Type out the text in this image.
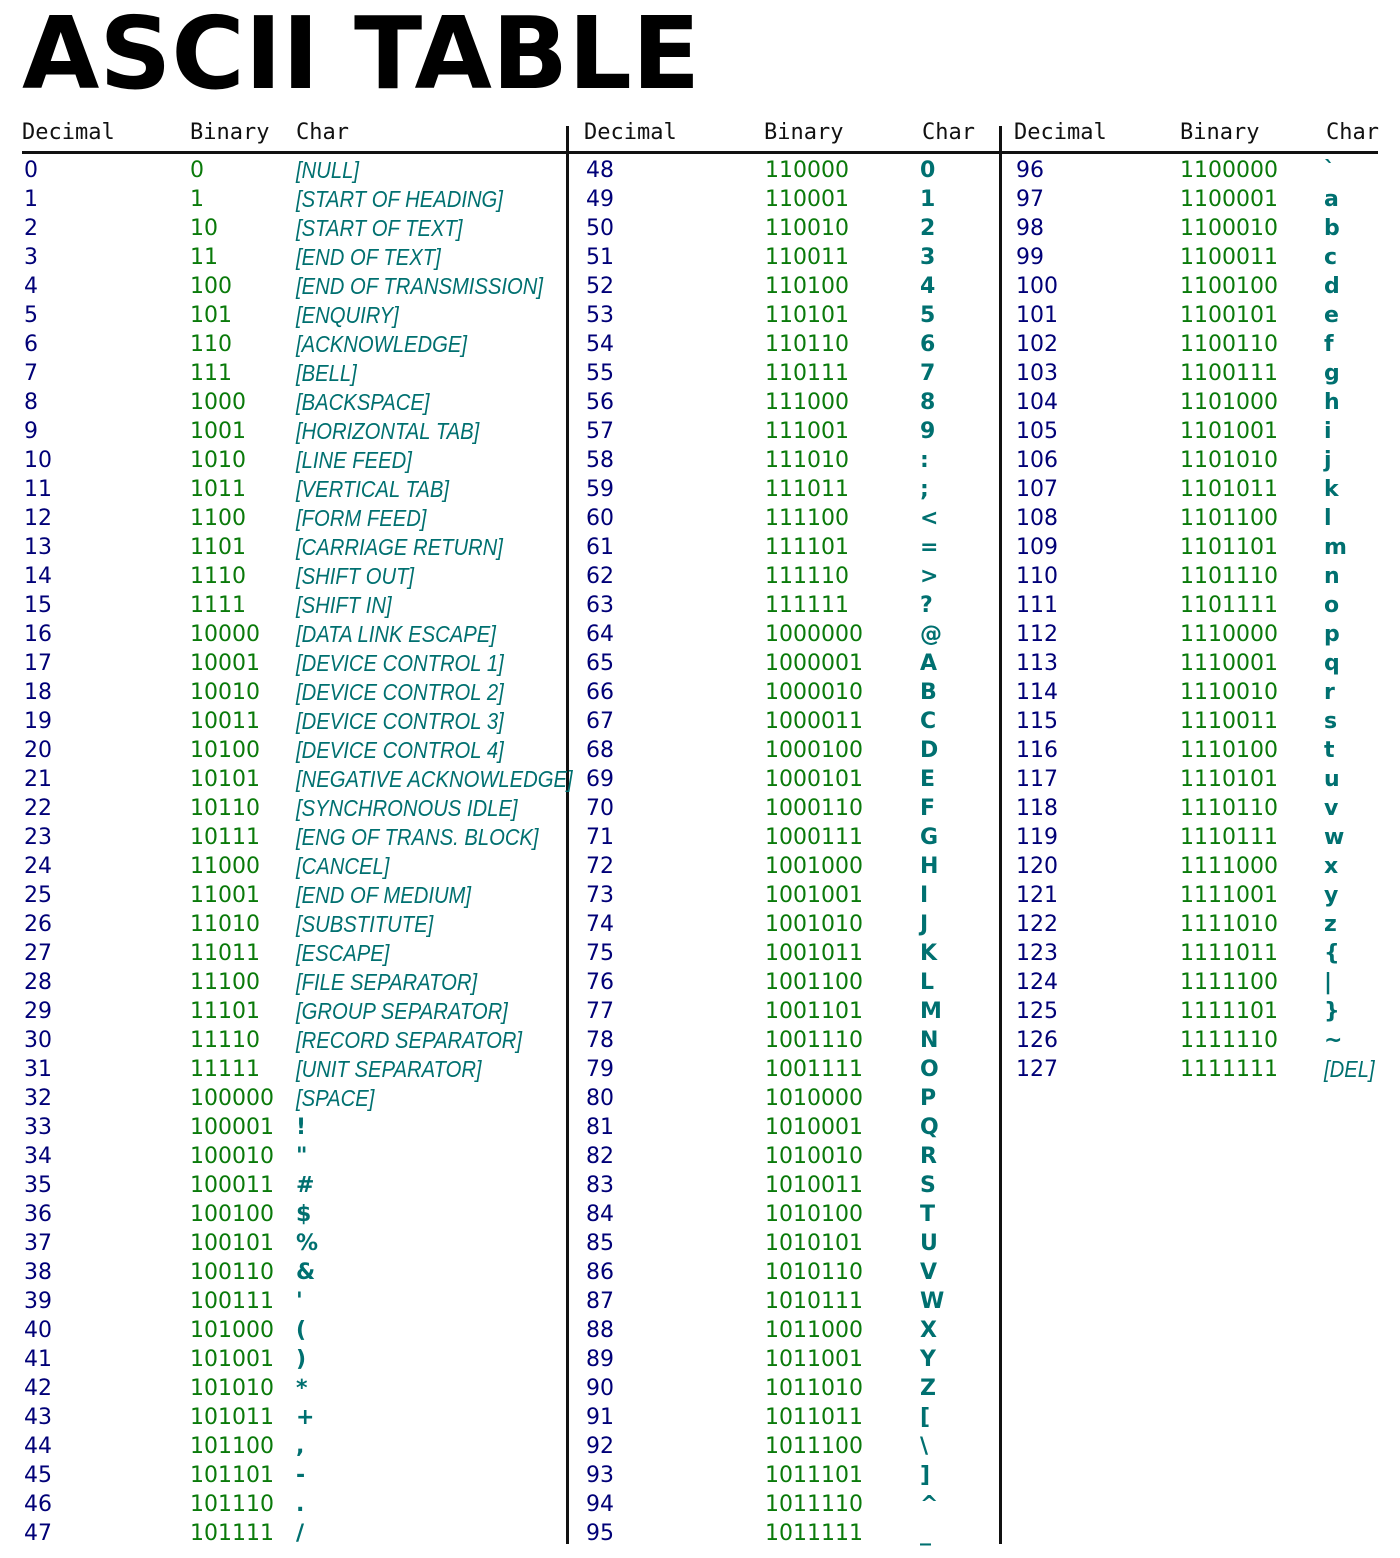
ASCII TABLE
Decimal	Binary Char
0	0	[NULL]
1	1	[START OF HEADING]
2	10	[START OF TEXT]
3	11	[END OF TEXT]
4	100	[END OF TRANSMISSION]
5	101	[ENQUIRY]
6	110	[ACKNOWLEDGE]
7	111	[BELL]
8	1000 [BACKSPACE]
9	1001 [HORIZONTAL TAB]
10	1010 [LINE FEED]
11	1011 [VERTICAL TAB]
12	1100 [FORM FEED]
13	1101 [CARRIAGE RETURN]
14	1110 [SHIFT OUT]
15	1111 [SHIFT IN]
16	10000 [DATA LINK ESCAPE]
17	10001 [DEVICE CONTROL 1]
18	10010 [DEVICE CONTROL 2]
19	10011 [DEVICE CONTROL 3]
20	10100 [DEVICE CONTROL 4]
21	10101 [NEGATIVE ACKNOWLEDGE]
22	10110 [SYNCHRONOUS IDLE]
23	10111 [ENG OF TRANS. BLOCK]
24	11000 [CANCEL]
25	11001 [END OF MEDIUM]
26	11010 [SUBSTITUTE]
27	11011 [ESCAPE]
28	11100 [FILE SEPARATOR]
29	11101 [GROUP SEPARATOR]
30	11110 [RECORD SEPARATOR]
31	11111 [UNIT SEPARATOR]
32	100000 [SPACE]
33	100001 !
34	100010 "
35	100011 #
36	100100 $
37	100101 %
38	100110 &
39	100111 '
40	101000 (
41	101001 )
42	101010 *
43	101011 +
44	101100 ,
45	101101 -
46	101110 .
47	101111 /
Decimal	Binary	Char
48	110000	0
49	110001	1
50	110010	2
51	110011	3
52	110100	4
53	110101	5
54	110110	6
55	110111	7
56	111000	8
57	111001	9
58	111010	:
59	111011	;
60	111100	<
61	111101	=
62	111110	>
63	111111	?
64	1000000	@
65	1000001	A
66	1000010	B
67	1000011	C
68	1000100	D
69	1000101	E
70	1000110	F
71	1000111	G
72	1001000	H
73	1001001	I
74	1001010	J
75	1001011	K
76	1001100	L
77	1001101	M
78	1001110	N
79	1001111	O
80	1010000	P
81	1010001	Q
82	1010010	R
83	1010011	S
84	1010100	T
85	1010101	U
86	1010110	V
87	1010111	W
88	1011000	X
89	1011001	Y
90	1011010	Z
91	1011011	[
92	1011100	\
93	1011101	]
94	1011110	^
95	1011111	_
Decimal	Binary	Char
96	1100000 `
97	1100001 a
98	1100010 b
99	1100011 c
100	1100100 d
101	1100101 e
102	1100110 f
103	1100111 g
104	1101000 h
105	1101001 i
106	1101010 j
107	1101011 k
108	1101100 l
109	1101101 m
110	1101110 n
111	1101111 o
112	1110000 p
113	1110001 q
114	1110010 r
115	1110011 s
116	1110100 t
117	1110101 u
118	1110110 v
119	1110111 w
120	1111000 x
121	1111001 y
122	1111010 z
123	1111011 {
124	1111100 |
125	1111101 }
126	1111110 ~
127	1111111 [DEL]
